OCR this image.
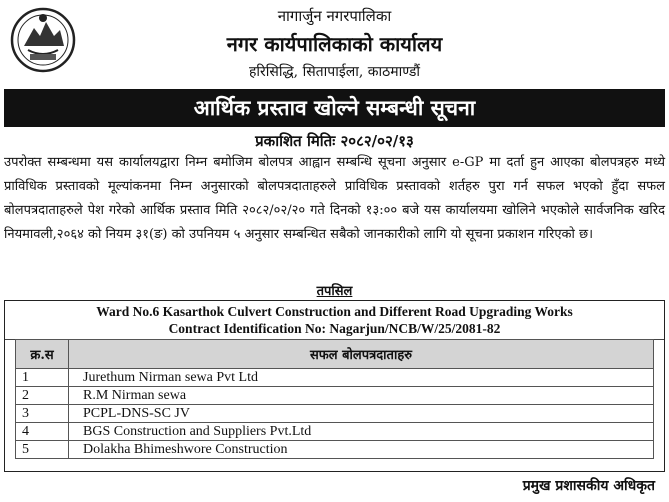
नागार्जुन नगरपालिका
नगर कार्यपालिकाको कार्यालय
हरिसिद्धि, सितापाईला, काठमाण्डौं
आर्थिक प्रस्ताव खोल्ने सम्बन्धी सूचना
प्रकाशित मितिः २०८२/०२/१३
उपरोक्त सम्बन्धमा यस कार्यालयद्वारा निम्न बमोजिम बोलपत्र आह्वान सम्बन्धि सूचना अनुसार e-GP मा दर्ता हुन आएका बोलपत्रहरु मध्ये प्राविधिक प्रस्तावको मूल्यांकनमा निम्न अनुसारको बोलपत्रदाताहरुले प्राविधिक प्रस्तावको शर्तहरु पुरा गर्न सफल भएको हुँदा सफल बोलपत्रदाताहरुले पेश गरेको आर्थिक प्रस्ताव मिति २०८२/०२/२० गते दिनको १३:०० बजे यस कार्यालयमा खोलिने भएकोले सार्वजनिक खरिद नियमावली,२०६४ को नियम ३१(ङ) को उपनियम ५ अनुसार सम्बन्धित सबैको जानकारीको लागि यो सूचना प्रकाशन गरिएको छ।
तपसिल
Ward No.6 Kasarthok Culvert Construction and Different Road Upgrading Works
Contract Identification No: Nagarjun/NCB/W/25/2081-82
क्र.स	सफल बोलपत्रदाताहरु
1	Jurethum Nirman sewa Pvt Ltd
2	R.M Nirman sewa
3	PCPL-DNS-SC JV
4	BGS Construction and Suppliers Pvt.Ltd
5	Dolakha Bhimeshwore Construction
प्रमुख प्रशासकीय अधिकृत
